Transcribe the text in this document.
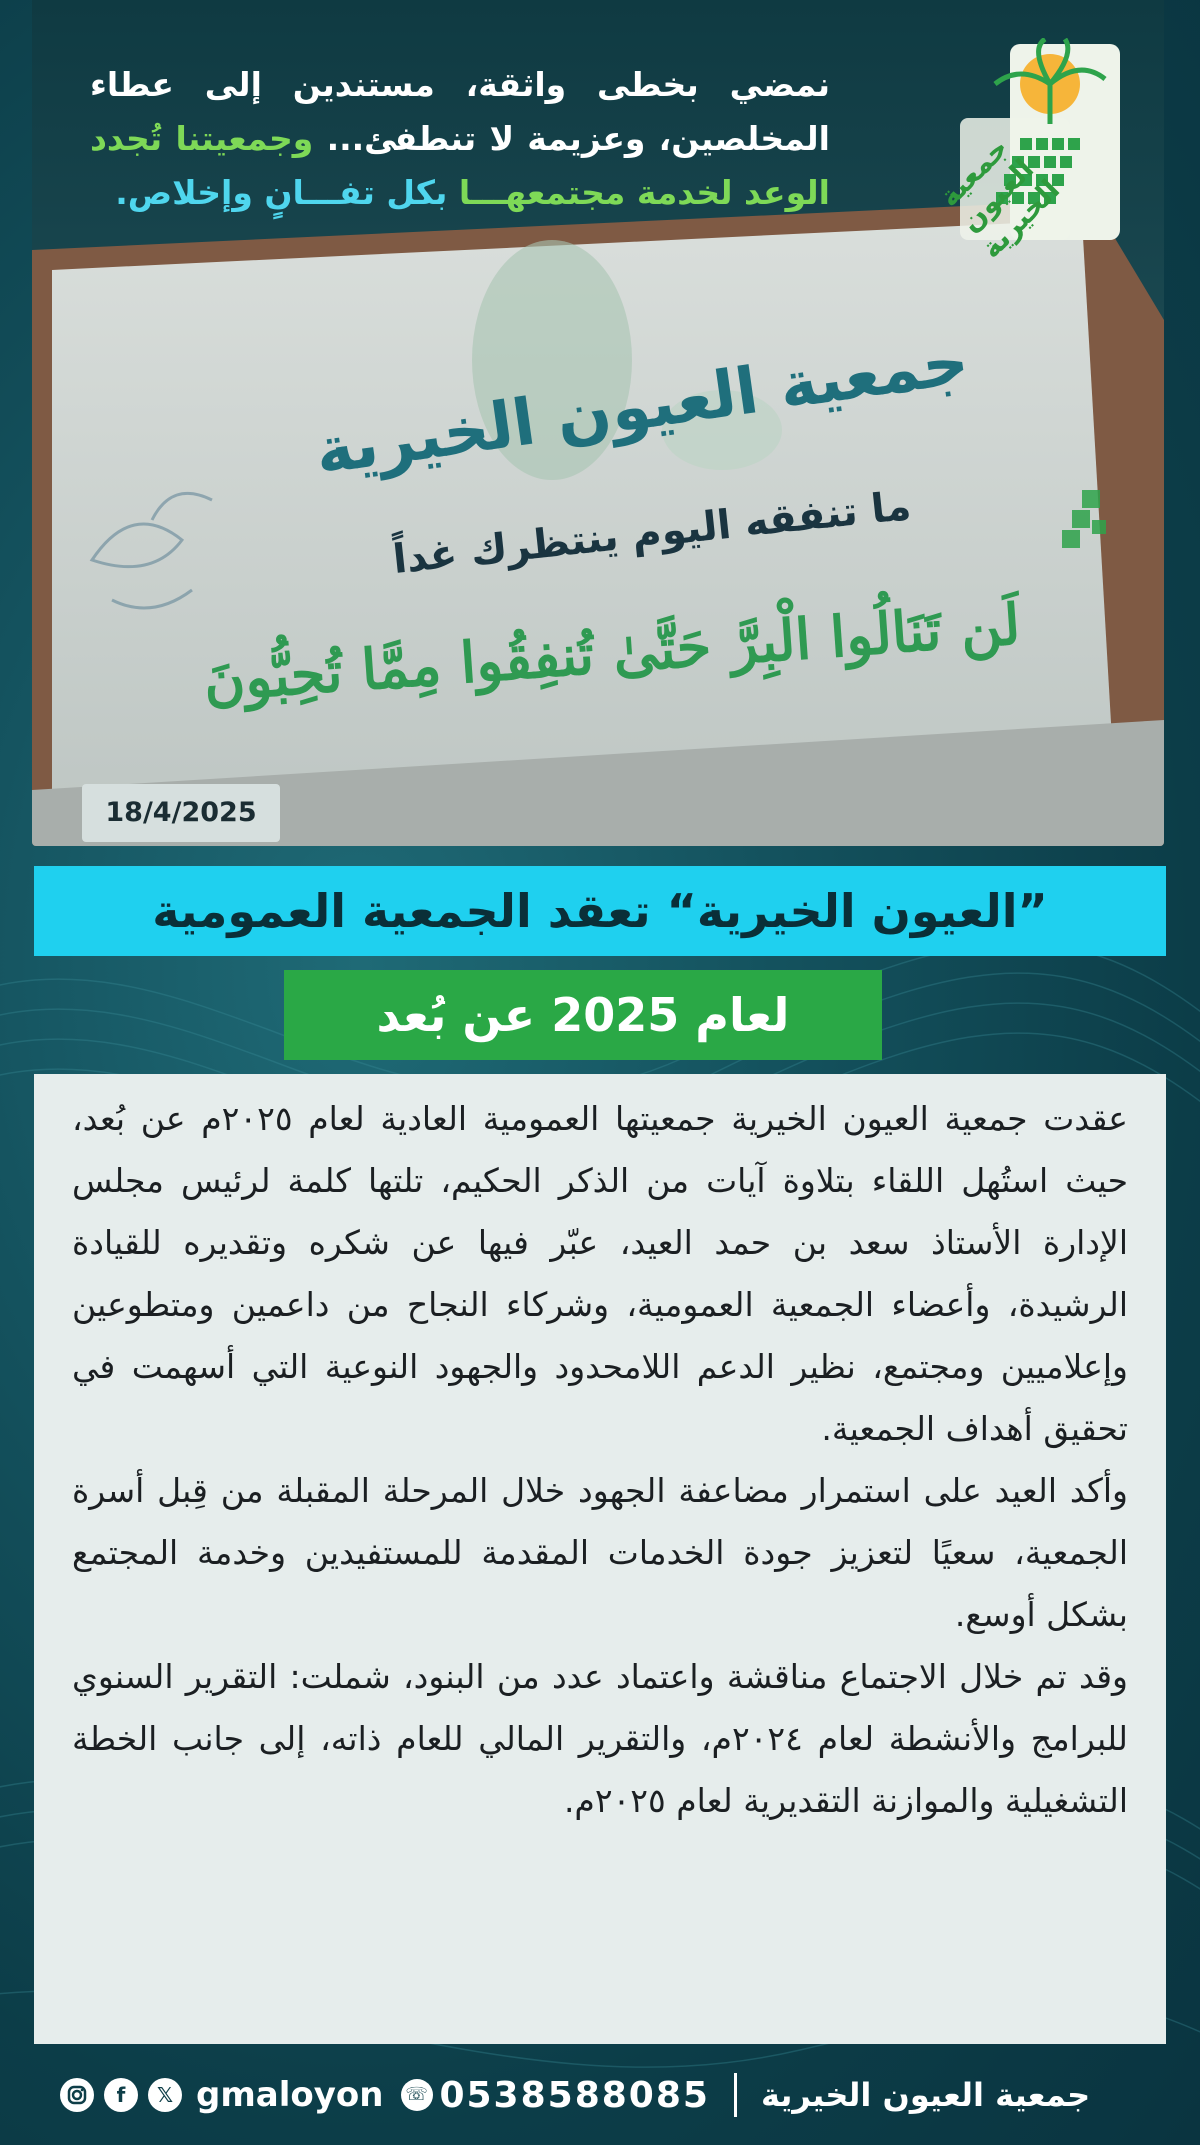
جمعية العيون الخيرية
ما تنفقه اليوم ينتظرك غداً
لَن تَنَالُوا الْبِرَّ حَتَّىٰ تُنفِقُوا مِمَّا تُحِبُّونَ
جمعية العيون الخيرية
نمضي بخطى واثقة، مستندين إلى عطاء المخلصين، وعزيمة لا تنطفئ... وجمعيتنا تُجدد الوعد لخدمة مجتمعهـــا بكل تفـــانٍ وإخلاص.
18/4/2025
”العيون الخيرية“ تعقد الجمعية العمومية
لعام 2025 عن بُعد

عقدت جمعية العيون الخيرية جمعيتها العمومية العادية لعام ٢٠٢٥م عن بُعد، حيث استُهل اللقاء بتلاوة آيات من الذكر الحكيم، تلتها كلمة لرئيس مجلس الإدارة الأستاذ سعد بن حمد العيد، عبّر فيها عن شكره وتقديره للقيادة الرشيدة، وأعضاء الجمعية العمومية، وشركاء النجاح من داعمين ومتطوعين وإعلاميين ومجتمع، نظير الدعم اللامحدود والجهود النوعية التي أسهمت في تحقيق أهداف الجمعية.

وأكد العيد على استمرار مضاعفة الجهود خلال المرحلة المقبلة من قِبل أسرة الجمعية، سعيًا لتعزيز جودة الخدمات المقدمة للمستفيدين وخدمة المجتمع بشكل أوسع.

وقد تم خلال الاجتماع مناقشة واعتماد عدد من البنود، شملت: التقرير السنوي للبرامج والأنشطة لعام ٢٠٢٤م، والتقرير المالي للعام ذاته، إلى جانب الخطة التشغيلية والموازنة التقديرية لعام ٢٠٢٥م.

f	𝕏 gmaloyon ☏ 0538588085 جمعية العيون الخيرية
